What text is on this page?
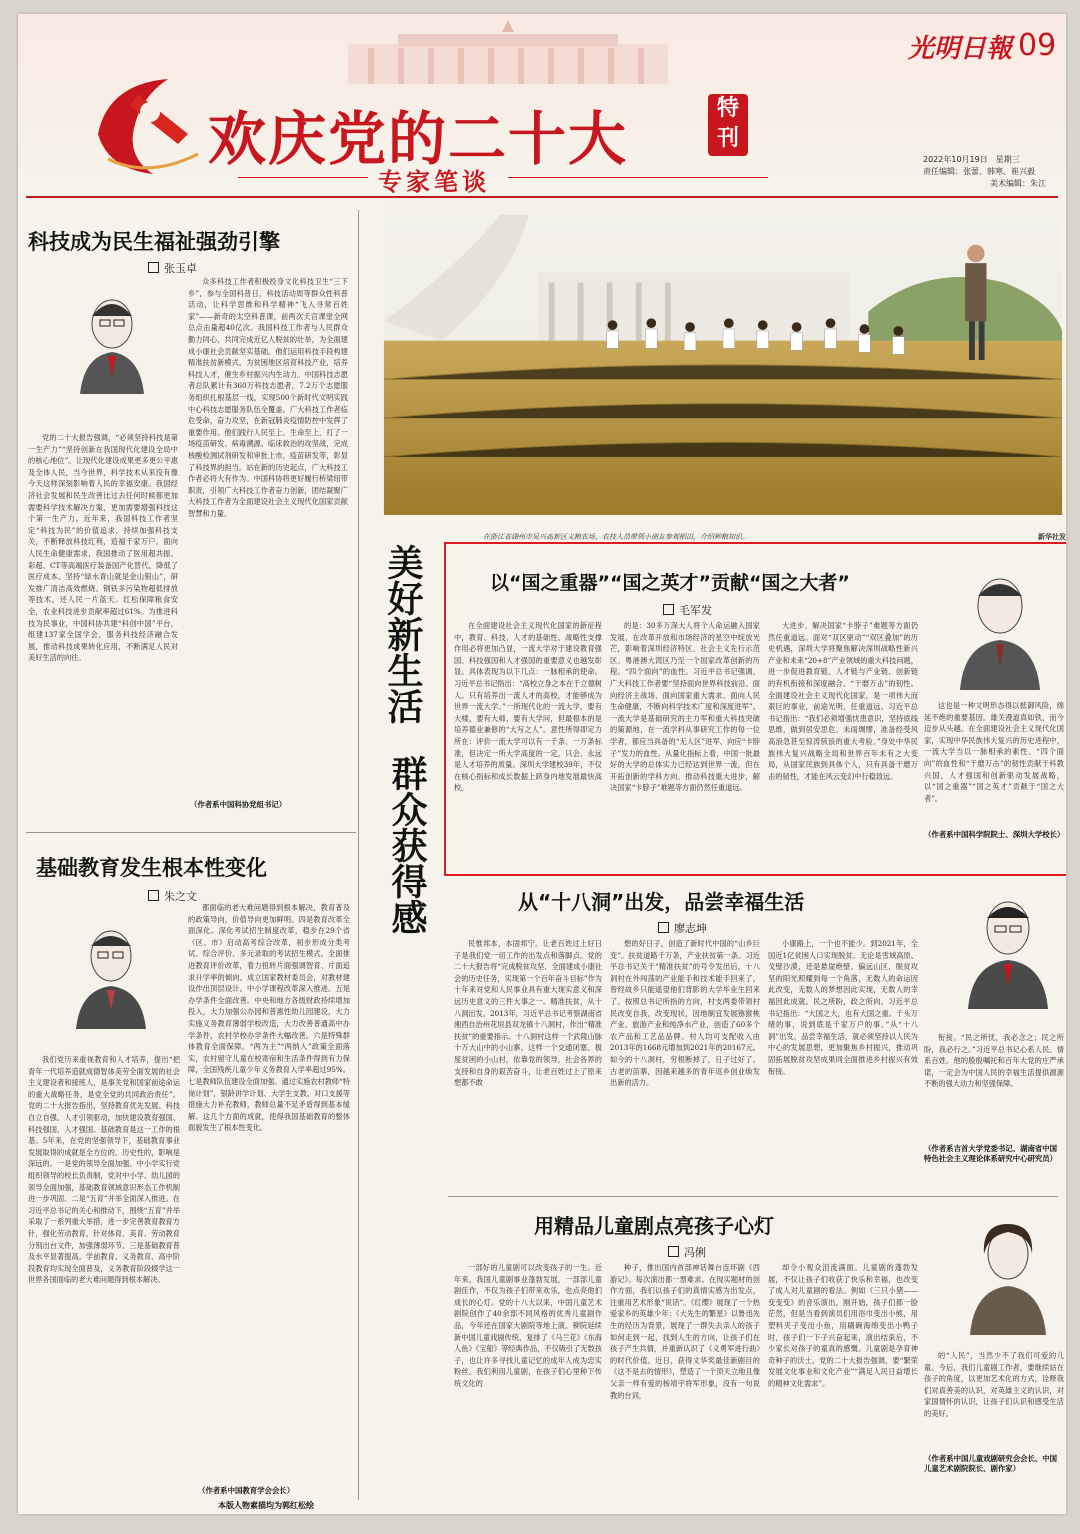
欢庆党的二十大	特刊
专家笔谈
光明日報 09
2022年10月19日　星期三
责任编辑：张蕾、韩寒、崔兴毅
美术编辑：朱江
科技成为民生福祉强劲引擎
张玉卓

党的二十大报告强调，“必须坚持科技是第一生产力”“坚持创新在我国现代化建设全局中的核心地位”。让现代化建设成果更多更公平惠及全体人民，当今世界，科学技术从来没有像今天这样深刻影响着人民的幸福安康。我国经济社会发展和民生改善比过去任何时候都更加需要科学技术解决方案，更加需要增强科技这个第一生产力。近年来，我国科技工作者坚定“科技为民”的价值追求，持续加强科技支关，不断释放科技红利，造福千家万户。面向人民生命健康需求，我国推动了医用超共振、彩超、CT等高端医疗装备国产化替代，降低了医疗成本。坚持“绿水青山就是金山银山”，研发推广清洁高效燃烧、钢铁多污染物超低排放等技术，还人民一片蓝天。红松保障粮食安全，农业科技进步贡献率超过61%。为推进科技为民事业，中国科协共建“科创中国”平台，组建137家全国学会，服务科技经济融合发展，推动科技成果转化应用，不断满足人民对美好生活的向往。

众多科技工作者积极投身文化科技卫生“三下乡”，参与全国科普日，科技活动周等群众性科普活动，让科学思维和科学精神“飞入寻常百姓家”——新奇的太空科普课，前两次天宫课堂全网总点击量超40亿次。我国科技工作者与人民群众勤力同心，共同完成近亿人脱贫的壮举，为全面建成小康社会贡献坚实基础。他们运用科技手段构建精准扶贫新模式，为贫困地区培育科技产业，培养科技人才，催生乡村振兴内生动力。中国科技志愿者总队累计有360万科技志愿者，7.2万个志愿服务组织扎根基层一线，实现500个新时代文明实践中心科技志愿服务队伍全覆盖。广大科技工作者临危受命，奋力攻坚，在新冠肺炎疫情防控中发挥了重要作用。他们践行人民至上、生命至上，打了一场疫苗研发、病毒溯源、临床救治的攻坚战，完成核酸检测试剂研发和审批上市，疫苗研发等，彰显了科技界的担当。站在新的历史起点，广大科技工作者必将大有作为。中国科协将更好履行桥梁纽带职责，引领广大科技工作者奋力创新，团结凝聚广大科技工作者为全面建设社会主义现代化国家贡献智慧和力量。

（作者系中国科协党组书记）
基础教育发生根本性变化
朱之文

我们党历来重视教育和人才培养，提出“把青年一代培养造就成德智体美劳全面发展的社会主义建设者和接班人，是事关党和国家前途命运的重大战略任务，是党全党的共同政治责任”。党的二十大报告指出，坚持教育优先发展、科技自立自强、人才引领驱动，加快建设教育强国、科技强国、人才强国。基础教育是这一工作的根基。5年来，在党的坚强领导下，基础教育事业发展取得的成就是全方位的、历史性的，影响是深远的。一是党的领导全面加强。中小学实行党组织领导的校长负责制，党对中小学、幼儿园的领导全面加强，基础教育领域意识形态工作机制进一步巩固。二是“五育”并举全面深入推进。在习近平总书记的关心和推动下，围绕“五育”并举采取了一系列重大举措，进一步完善教育教育方针，强化劳动教育，针对体育、美育、劳动教育分别出台文件，加强薄弱环节。三是基础教育普及水平显著提高。学前教育、义务教育、高中阶段教育均实现全面普及，义务教育阶段辍学这一世界各国面临的老大难问题得到根本解决。

都面临的老大难问题得到根本解决，教育普及的政策导向，价值导向更加鲜明。四是教育改革全面深化。深化考试招生制度改革，稳步在29个省（区、市）启动高考综合改革，初步形成分类考试、综合评价、多元录取的考试招生模式。全面推进教育评价改革，着力扭转片面强调智育、片面追求升学率的倾向。成立国家教材委员会，对教材建设作出顶层设计。中小学课程改革深入推进。五是办学条件全面改善。中央和地方各级财政持续增加投入，大力加强公办园和普惠性幼儿园建设，大力实施义务教育薄弱学校改造，大力改善普通高中办学条件，农村学校办学条件大幅改善。六是特殊群体教育全面保障。“两为主”“两纳入”政策全面落实，农村留守儿童在校寄宿和生活条件得到有力保障，全国残疾儿童少年义务教育入学率超过95%。七是教师队伍建设全面加强。通过实施农村教师“特岗计划”，银龄讲学计划、大学生支教、对口支援等措施大力补充教师，教师总量不足矛盾得到基本缓解。这几个方面的成就，使得我国基础教育的整体面貌发生了根本性变化。

（作者系中国教育学会会长）
在浙江省湖州市吴兴高新区义粮农场，农技人员带领小朋友参观稻田，介绍种粮知识。	新华社发
美好新生活 群众获得感
以“国之重器”“国之英才”贡献“国之大者”
毛军发

在全面建设社会主义现代化国家的新征程中，教育、科技、人才的基础性、战略性支撑作用必将更加凸显，一流大学对于建设教育强国、科技强国和人才强国的重要意义也越发彰显。具体表现为以下几点：一脉相承的使命。习近平总书记指出：“高校立身之本在于立德树人。只有培养出一流人才的高校，才能够成为世界一流大学。”一所现代化的一流大学，要有大楼，要有大师，要有大学问，但最根本的是培养德业兼修的“大写之人”。意性所得即定力所在：评价一流大学可以有一千条、一万条标准，但决定一所大学高度的一定，只会、永远是人才培养的质量。深圳大学建校39年，不仅在核心指标和成长数据上跻身内地发展最快高校。

的是：30多万深大人将个人命运融入国家发展，在改革开放和市场经济的星空中绽放光芒，影响着深圳经济特区、社会主义先行示范区、粤港澳大湾区乃至一个国家改革创新的历程。“四个面向”的血性。习近平总书记强调，广大科技工作者要“坚持面向世界科技前沿、面向经济主战场、面向国家重大需求、面向人民生命健康，不断向科学技术广度和深度进军”。一流大学是基础研究的主力军和重大科技突破的策源地，在一流学科从事研究工作的每一位学者，都应当具备的“无人区”进军、向应“卡脖子”发力的血性。从量化指标上看，中国一批最好的大学的总体实力已经达到世界一流，但在开拓创新的学科方向、推动科技重大进步，解决国家“卡脖子”难题等方面仍然任重道远。

大进步、解决国家“卡脖子”难题等方面仍然任重道远。面对“双区驱动”“双区叠加”的历史机遇，深圳大学将聚焦解决深圳战略性新兴产业和未来“20+8”产业领域的重大科技问题，进一步促进教育链、人才链与产业链、创新链的有机衔接和深度融合。“干磨万击”的韧性。全面建设社会主义现代化国家，是一项伟大而艰巨的事业，前途光明，任重道远。习近平总书记指出：“我们必须增强忧患意识，坚持底线思维，做到居安思危、未雨绸缪，准备经受风高浪急甚至惊涛骇浪的重大考验。”身处中华民族伟大复兴战略全局和世界百年未有之大变局，从国家民族到具体个人，只有具备干磨万击的韧性，才能在风云变幻中行稳致远。

这也是一种文明形态得以抵御风险，绵延不绝的重要基因。雄关漫道真如铁，而今迈步从头越。在全面建设社会主义现代化国家，实现中华民族伟大复兴的历史进程中，一流大学当以一脉相承的素性、“四个面向”的血性和“干磨万击”的韧性贡献于科教兴国，人才强国和创新驱动发展战略，以“国之重器”“国之英才”贡献于“国之大者”。

（作者系中国科学院院士、深圳大学校长）
从“十八洞”出发，品尝幸福生活
廖志坤

民惟邦本，本固邦宁。让老百姓过上好日子是我们党一切工作的出发点和落脚点。党的二十大报告将“完成脱贫攻坚、全面建成小康社会的历史任务，实现第一个百年奋斗目标”作为十年来对党和人民事业具有重大现实意义和深远历史意义的三件大事之一。精准扶贫，从十八洞出发。2013年，习近平总书记考察湖南省湘西自治州花垣县双龙镇十八洞村，作出“精准扶贫”的重要指示。十八洞村这样一个武陵山脉十万大山中的小山寨，这样一个交通闭塞、极度贫困的小山村，依靠党的领导，社会各界的支持和自身的艰苦奋斗，让老百姓过上了原来想都不敢

想的好日子，创造了新时代中国的“山乡巨变”。扶贫道路千万条，产业扶贫第一条。习近平总书记关于“精准扶贫”的号令发出后，十八洞村在外闯荡的产业能手和技术能手回来了，曾经故乡只能遥望他们背影的大学毕业生回来了。按照总书记所指的方向，村支两委带领村民改变自我，改变现状，因地制宜发展猕猴桃产业、旅游产业和纯净水产业，创造了60多个农产品和工艺品品牌。村人均可支配收入由2013年的1668元增加到2021年的20167元。如今的十八洞村，穷根断掉了，日子过好了。古老的苗寨，因越来越多的青年返乡创业焕发出新的活力。

小康路上，一个也不能少。到2021年，全国近1亿贫困人口实现脱贫。无论是雪域高原、戈壁沙漠，还是悬崖绝壁、偏远山区，脱贫攻坚的阳光照耀到每一个角落，无数人的命运因此改变，无数人的梦想因此实现，无数人的幸福因此成就。民之所盼，政之所向。习近平总书记指出：“大国之大，也有大国之重。千头万绪的事，说到底是千家万户的事。”从“十八洞”出发，品尝幸福生活，就必须坚持以人民为中心的发展思想，更加聚焦乡村振兴，推动巩固拓展脱贫攻坚成果同全面推进乡村振兴有效衔接。

衔接。“民之所忧，我必念之；民之所盼，我必行之。”习近平总书记心系人民、情系百姓。他的殷殷嘱托和百年大党的庄严承诺，一定会为中国人民的幸福生活提供源源不断的强大动力和坚强保障。

（作者系吉首大学党委书记、湖南省中国特色社会主义理论体系研究中心研究员）
用精品儿童剧点亮孩子心灯
冯俐

一部好的儿童剧可以改变孩子的一生。近年来，我国儿童剧事业蓬勃发展，一部部儿童剧佳作，不仅为孩子们带来欢乐，也点亮他们成长的心灯。党的十八大以来，中国儿童艺术剧院创作了40余部不同风格的优秀儿童剧作品，今年还在国家大剧院等地上演。铆院延续新中国儿童戏剧传统，复排了《马兰花》《东海人鱼》《宝船》等经典作品，不仅吸引了无数孩子，也让许多寻找儿童记忆的成年人成为忠实粉丝。我们利用儿童剧，在孩子们心里种下传统文化的

种子，推出国内首部神话舞台连环剧《西游记》。每次演出都一票难求。在现实题材的创作方面，我们以孩子们的真情实感为出发点，注重用艺术形象“说话”。《红缨》展现了一个热爱家乡的英雄少年：《大先生的繁星》以鲁迅先生的经历为背景，展现了一群失去亲人的孩子如何走到一起，找到人生的方向，让孩子们在孩子产生共情，并重新认识了《义勇军进行曲》的时代价值。近日，获得文华奖最佳新剧目的《这不是去的情形》，塑造了一个顶天立地且像父亲一样有爱的杨靖宇将军形象，没有一句说教的台词，

却令小观众泪流满面。儿童剧的蓬勃发展，不仅让孩子们收获了快乐和幸福，也改变了成人对儿童剧的看法。例如《三只小猪——变变变》的音乐演出，刚开始，孩子们都一脸茫然，但是当看到演员们用浴巾变出小熊，用塑料夹子变出小鱼，用刷碗海绵变出小鸭子时，孩子们一下子兴奋起来，演出结束后，不少家长对孩子的童真的感慨。儿童剧是孕育神奇种子的沃土。党的二十大报告强调，要“繁荣发展文化事业和文化产业”“满足人民日益增长的精神文化需求”。

的“人民”，当然少不了我们可爱的儿童。今后，我们儿童剧工作者，要继续站在孩子的角度，以更加艺术化的方式，诠释我们对真善美的认识，对英雄主义的认识，对家国情怀的认识，让孩子们认识和感受生活的美好。

（作者系中国儿童戏剧研究会会长、中国儿童艺术剧院院长、剧作家）
本版人物素描均为郭红松绘
